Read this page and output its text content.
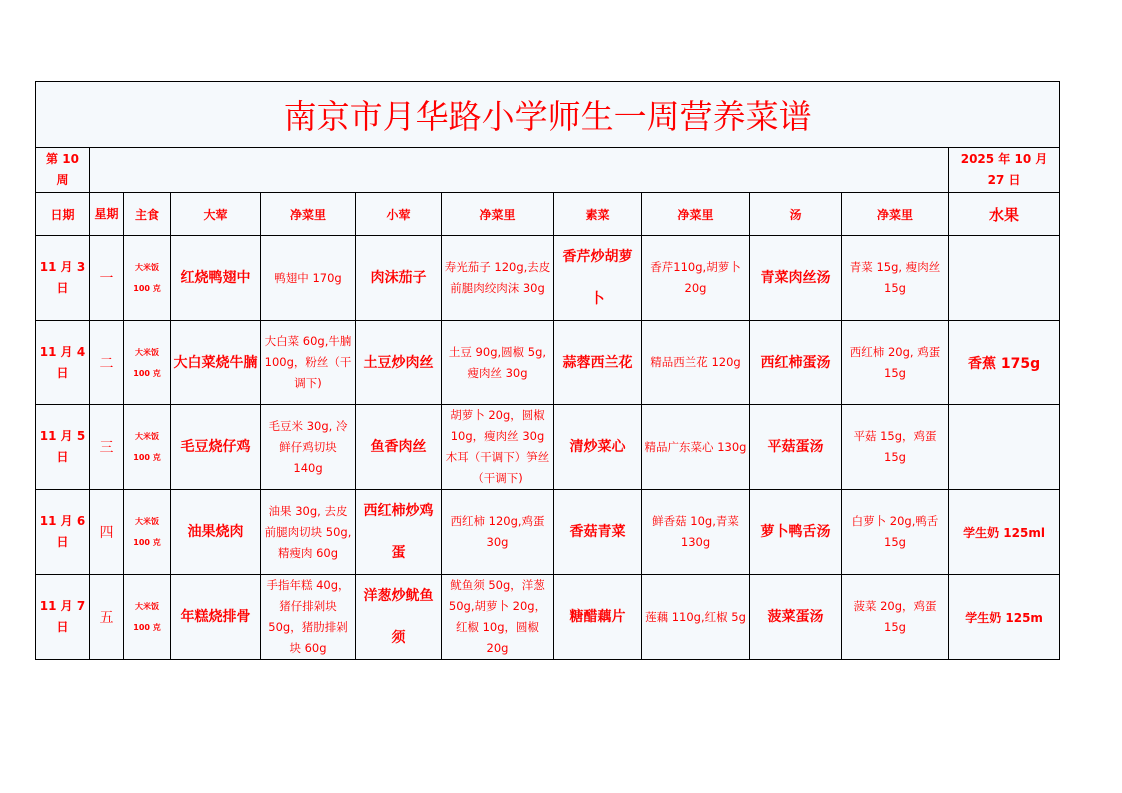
南京市月华路小学师生一周营养菜谱											
第 10 周											2025 年 10 月 27 日
日期	星期	主食	大荤	净菜里	小荤	净菜里	素菜	净菜里	汤	净菜里	水果
11 月 3 日	一	大米饭 100 克	红烧鸭翅中	鸭翅中 170g	肉沫茄子	寿光茄子 120g,去皮前腿肉绞肉沫 30g	香芹炒胡萝卜	香芹110g,胡萝卜 20g	青菜肉丝汤	青菜 15g, 瘦肉丝 15g	
11 月 4 日	二	大米饭 100 克	大白菜烧牛腩	大白菜 60g,牛腩 100g，粉丝（干调下)	土豆炒肉丝	土豆 90g,圆椒 5g,瘦肉丝 30g	蒜蓉西兰花	精品西兰花 120g	西红柿蛋汤	西红柿 20g, 鸡蛋 15g	香蕉 175g
11 月 5 日	三	大米饭 100 克	毛豆烧仔鸡	毛豆米 30g, 冷鲜仔鸡切块 140g	鱼香肉丝	胡萝卜 20g，圆椒 10g，瘦肉丝 30g 木耳（干调下）笋丝（干调下)	清炒菜心	精品广东菜心 130g	平菇蛋汤	平菇 15g，鸡蛋 15g	
11 月 6 日	四	大米饭 100 克	油果烧肉	油果 30g, 去皮前腿肉切块 50g,精瘦肉 60g	西红柿炒鸡蛋	西红柿 120g,鸡蛋 30g	香菇青菜	鲜香菇 10g,青菜 130g	萝卜鸭舌汤	白萝卜 20g,鸭舌 15g	学生奶 125ml
11 月 7 日	五	大米饭 100 克	年糕烧排骨	手指年糕 40g，猪仔排剁块 50g，猪肋排剁块 60g	洋葱炒鱿鱼须	鱿鱼须 50g，洋葱 50g,胡萝卜 20g，红椒 10g，圆椒 20g	糖醋藕片	莲藕 110g,红椒 5g	菠菜蛋汤	菠菜 20g，鸡蛋 15g	学生奶 125m
